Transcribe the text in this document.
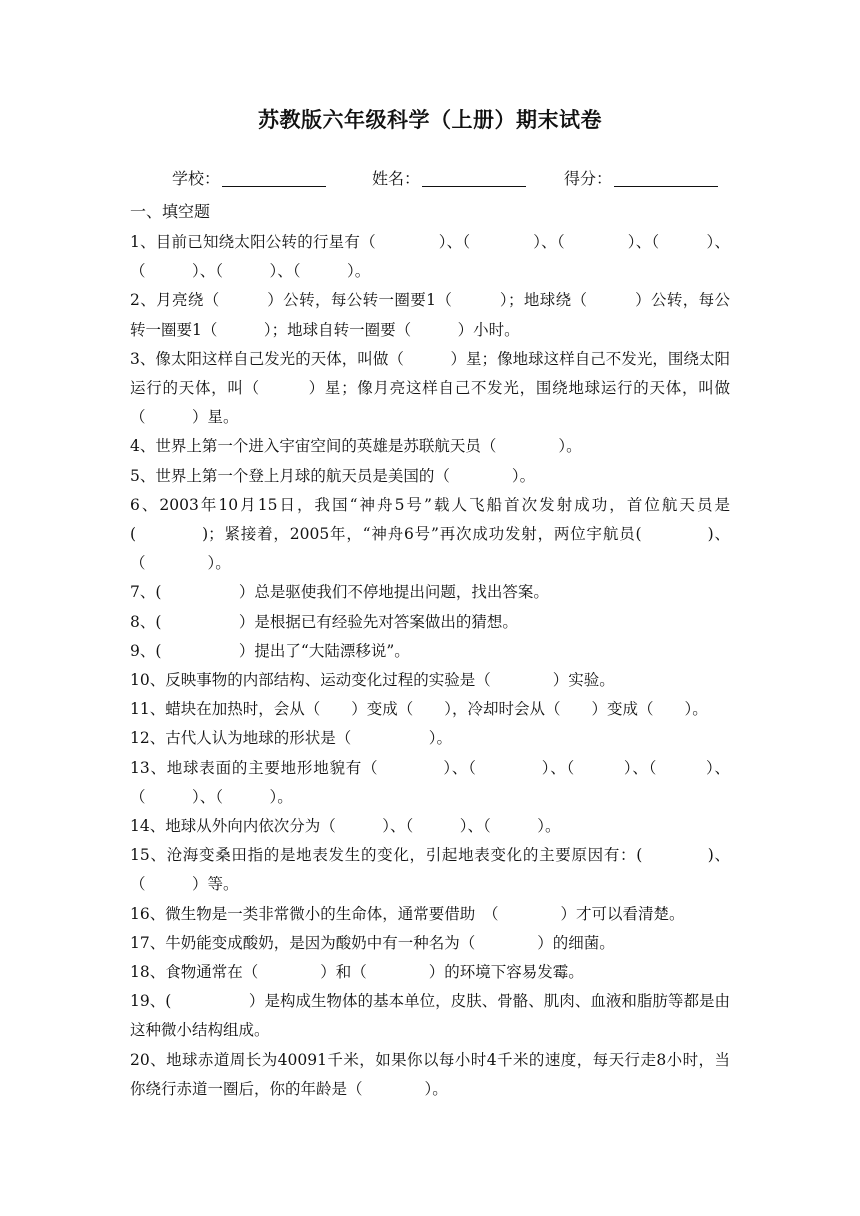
苏教版六年级科学（上册）期末试卷
学校：	姓名：	得分：
一、填空题

1、目前已知绕太阳公转的行星有（　　　　）、（　　　　）、（　　　　）、（　　　）、（　　　）、（　　　）、（　　　）。

2、月亮绕（　　　）公转，每公转一圈要1（　　　）；地球绕（　　　）公转，每公转一圈要1（　　　）；地球自转一圈要（　　　）小时。

3、像太阳这样自己发光的天体，叫做（　　　）星；像地球这样自己不发光，围绕太阳运行的天体，叫（　　　）星；像月亮这样自己不发光，围绕地球运行的天体，叫做（　　　）星。

4、世界上第一个进入宇宙空间的英雄是苏联航天员（　　　　）。

5、世界上第一个登上月球的航天员是美国的（　　　　）。

6、2003年10月15日，我国“神舟5号”载人飞船首次发射成功，首位航天员是(　　　　)；紧接着，2005年，“神舟6号”再次成功发射，两位宇航员(　　　　)、（　　　　）。

7、(　　　　　）总是驱使我们不停地提出问题，找出答案。

8、(　　　　　）是根据已有经验先对答案做出的猜想。

9、(　　　　　）提出了“大陆漂移说”。

10、反映事物的内部结构、运动变化过程的实验是（　　　　）实验。

11、蜡块在加热时，会从（　　）变成（　　），冷却时会从（　　）变成（　　）。

12、古代人认为地球的形状是（　　　　　）。

13、地球表面的主要地形地貌有（　　　　）、（　　　　）、（　　　）、（　　　）、（　　　）、（　　　）。

14、地球从外向内依次分为（　　　）、（　　　）、（　　　）。

15、沧海变桑田指的是地表发生的变化，引起地表变化的主要原因有：(　　　　)、（　　　）等。

16、微生物是一类非常微小的生命体，通常要借助　（　　　　）才可以看清楚。

17、牛奶能变成酸奶，是因为酸奶中有一种名为（　　　　）的细菌。

18、食物通常在（　　　　）和（　　　　）的环境下容易发霉。

19、(　　　　　）是构成生物体的基本单位，皮肤、骨骼、肌肉、血液和脂肪等都是由这种微小结构组成。

20、地球赤道周长为40091千米，如果你以每小时4千米的速度，每天行走8小时，当你绕行赤道一圈后，你的年龄是（　　　　）。
